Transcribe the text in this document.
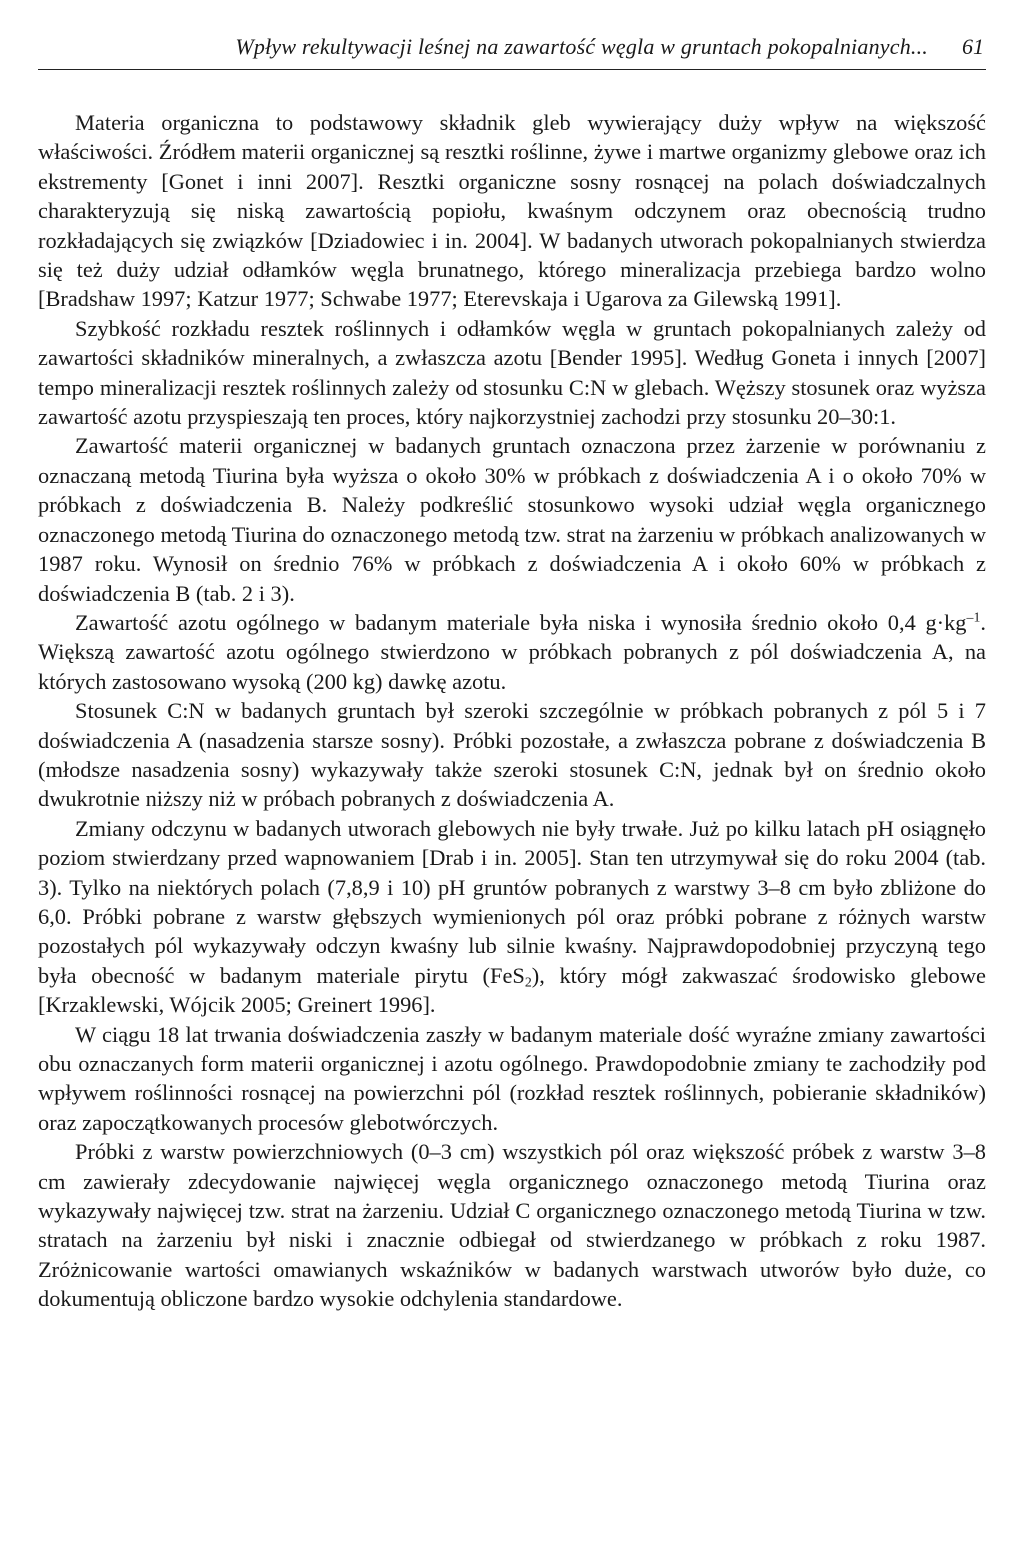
Wpływ rekultywacji leśnej na zawartość węgla w gruntach pokopalnianych... 61

Materia organiczna to podstawowy składnik gleb wywierający duży wpływ na większość właściwości. Źródłem materii organicznej są resztki roślinne, żywe i martwe organizmy glebowe oraz ich ekstrementy [Gonet i inni 2007]. Resztki organiczne sosny rosnącej na polach doświadczalnych charakteryzują się niską zawartością popiołu, kwaśnym odczynem oraz obecnością trudno rozkładających się związków [Dziadowiec i in. 2004]. W badanych utworach pokopalnianych stwierdza się też duży udział odłamków węgla brunatnego, którego mineralizacja przebiega bardzo wolno [Bradshaw 1997; Katzur 1977; Schwabe 1977; Eterevskaja i Ugarova za Gilewską 1991].

Szybkość rozkładu resztek roślinnych i odłamków węgla w gruntach pokopalnianych zależy od zawartości składników mineralnych, a zwłaszcza azotu [Bender 1995]. Według Goneta i innych [2007] tempo mineralizacji resztek roślinnych zależy od stosunku C:N w glebach. Węższy stosunek oraz wyższa zawartość azotu przyspieszają ten proces, który najkorzystniej zachodzi przy stosunku 20–30:1.

Zawartość materii organicznej w badanych gruntach oznaczona przez żarzenie w porównaniu z oznaczaną metodą Tiurina była wyższa o około 30% w próbkach z doświadczenia A i o około 70% w próbkach z doświadczenia B. Należy podkreślić stosunkowo wysoki udział węgla organicznego oznaczonego metodą Tiurina do oznaczonego metodą tzw. strat na żarzeniu w próbkach analizowanych w 1987 roku. Wynosił on średnio 76% w próbkach z doświadczenia A i około 60% w próbkach z doświadczenia B (tab. 2 i 3).

Zawartość azotu ogólnego w badanym materiale była niska i wynosiła średnio około 0,4 $g\cdot kg^{-1}$. Większą zawartość azotu ogólnego stwierdzono w próbkach pobranych z pól doświadczenia A, na których zastosowano wysoką (200 kg) dawkę azotu.

Stosunek C:N w badanych gruntach był szeroki szczególnie w próbkach pobranych z pól 5 i 7 doświadczenia A (nasadzenia starsze sosny). Próbki pozostałe, a zwłaszcza pobrane z doświadczenia B (młodsze nasadzenia sosny) wykazywały także szeroki stosunek C:N, jednak był on średnio około dwukrotnie niższy niż w próbach pobranych z doświadczenia A.

Zmiany odczynu w badanych utworach glebowych nie były trwałe. Już po kilku latach pH osiągnęło poziom stwierdzany przed wapnowaniem [Drab i in. 2005]. Stan ten utrzymywał się do roku 2004 (tab. 3). Tylko na niektórych polach (7,8,9 i 10) pH gruntów pobranych z warstwy 3–8 cm było zbliżone do 6,0. Próbki pobrane z warstw głębszych wymienionych pól oraz próbki pobrane z różnych warstw pozostałych pól wykazywały odczyn kwaśny lub silnie kwaśny. Najprawdopodobniej przyczyną tego była obecność w badanym materiale pirytu (FeS$_2$), który mógł zakwaszać środowisko glebowe [Krzaklewski, Wójcik 2005; Greinert 1996].

W ciągu 18 lat trwania doświadczenia zaszły w badanym materiale dość wyraźne zmiany zawartości obu oznaczanych form materii organicznej i azotu ogólnego. Prawdopodobnie zmiany te zachodziły pod wpływem roślinności rosnącej na powierzchni pól (rozkład resztek roślinnych, pobieranie składników) oraz zapoczątkowanych procesów glebotwórczych.

Próbki z warstw powierzchniowych (0–3 cm) wszystkich pól oraz większość próbek z warstw 3–8 cm zawierały zdecydowanie najwięcej węgla organicznego oznaczonego metodą Tiurina oraz wykazywały najwięcej tzw. strat na żarzeniu. Udział C organicznego oznaczonego metodą Tiurina w tzw. stratach na żarzeniu był niski i znacznie odbiegał od stwierdzanego w próbkach z roku 1987. Zróżnicowanie wartości omawianych wskaźników w badanych warstwach utworów było duże, co dokumentują obliczone bardzo wysokie odchylenia standardowe.
